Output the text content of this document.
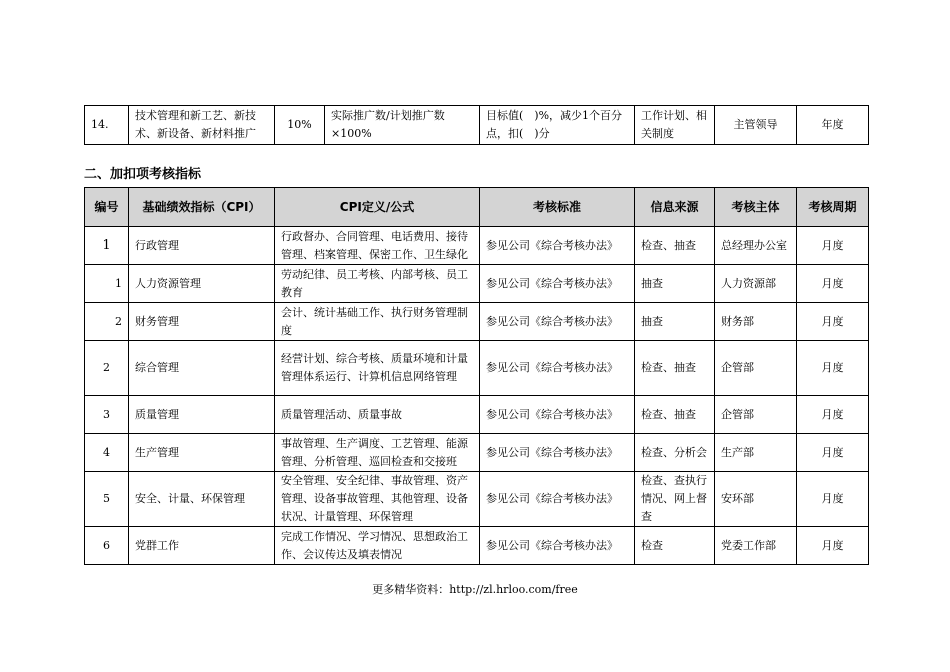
14.	技术管理和新工艺、新技术、新设备、新材料推广	10%	实际推广数/计划推广数×100%	目标值(　)%，减少1个百分点，扣(　)分	工作计划、相关制度	主管领导	年度
二、加扣项考核指标
编号	基础绩效指标（CPI）	CPI定义/公式	考核标准	信息来源	考核主体	考核周期
1	行政管理	行政督办、合同管理、电话费用、接待管理、档案管理、保密工作、卫生绿化	参见公司《综合考核办法》	检查、抽查	总经理办公室	月度
1	人力资源管理	劳动纪律、员工考核、内部考核、员工教育	参见公司《综合考核办法》	抽查	人力资源部	月度
2	财务管理	会计、统计基础工作、执行财务管理制度	参见公司《综合考核办法》	抽查	财务部	月度
2	综合管理	经营计划、综合考核、质量环境和计量管理体系运行、计算机信息网络管理	参见公司《综合考核办法》	检查、抽查	企管部	月度
3	质量管理	质量管理活动、质量事故	参见公司《综合考核办法》	检查、抽查	企管部	月度
4	生产管理	事故管理、生产调度、工艺管理、能源管理、分析管理、巡回检查和交接班	参见公司《综合考核办法》	检查、分析会	生产部	月度
5	安全、计量、环保管理	安全管理、安全纪律、事故管理、资产管理、设备事故管理、其他管理、设备状况、计量管理、环保管理	参见公司《综合考核办法》	检查、查执行情况、网上督查	安环部	月度
6	党群工作	完成工作情况、学习情况、思想政治工作、会议传达及填表情况	参见公司《综合考核办法》	检查	党委工作部	月度
更多精华资料：http://zl.hrloo.com/free
